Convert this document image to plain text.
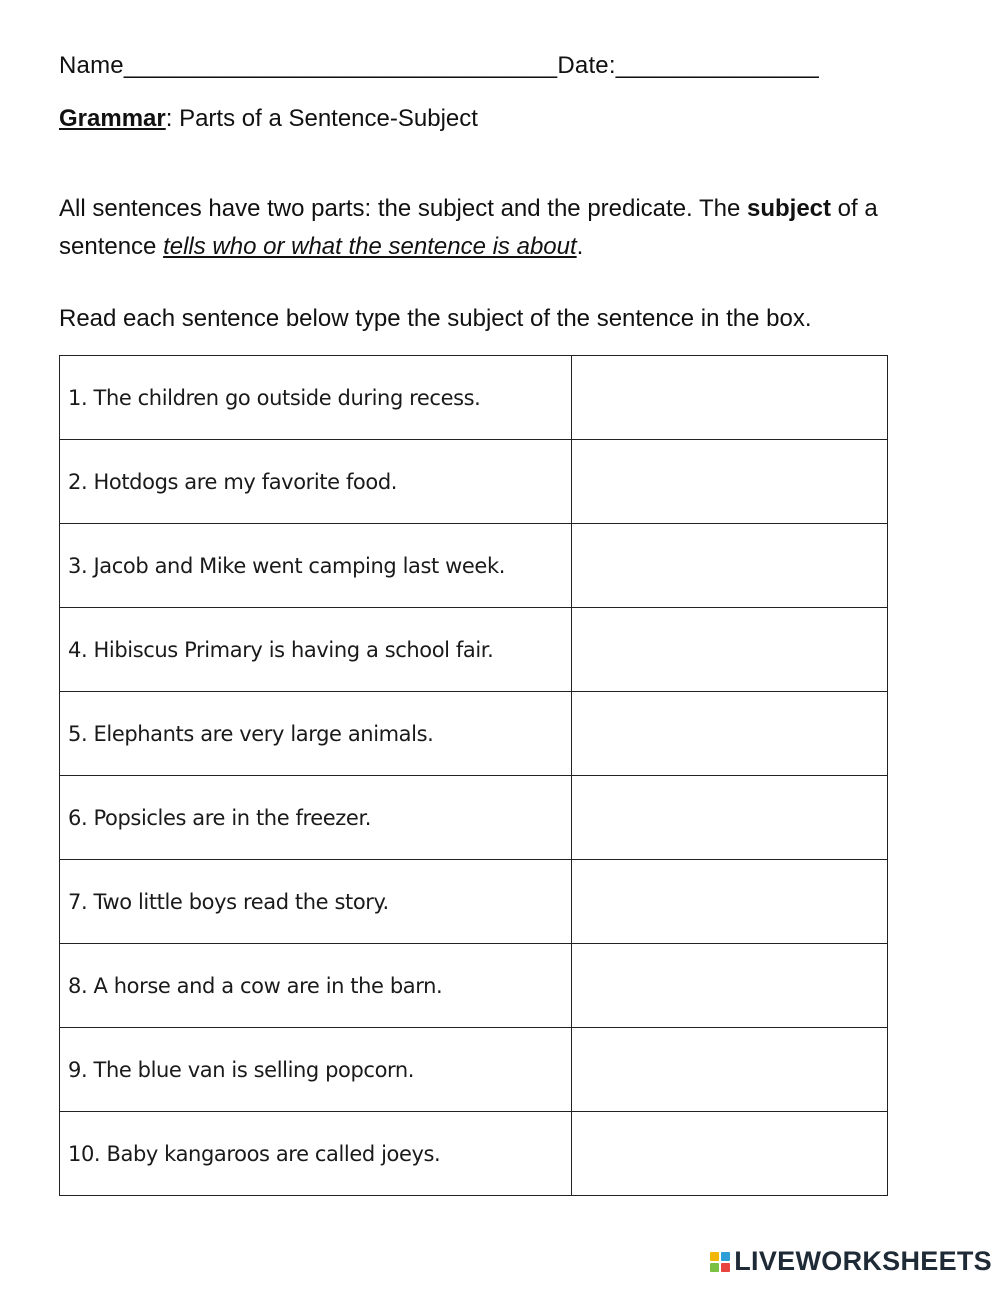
Name________________________________Date:_______________
Grammar: Parts of a Sentence-Subject
All sentences have two parts: the subject and the predicate. The subject of a sentence tells who or what the sentence is about.
Read each sentence below type the subject of the sentence in the box.
1. The children go outside during recess.	
2. Hotdogs are my favorite food.	
3. Jacob and Mike went camping last week.	
4. Hibiscus Primary is having a school fair.	
5. Elephants are very large animals.	
6. Popsicles are in the freezer.	
7. Two little boys read the story.	
8. A horse and a cow are in the barn.	
9. The blue van is selling popcorn.	
10. Baby kangaroos are called joeys.	
LIVEWORKSHEETS
